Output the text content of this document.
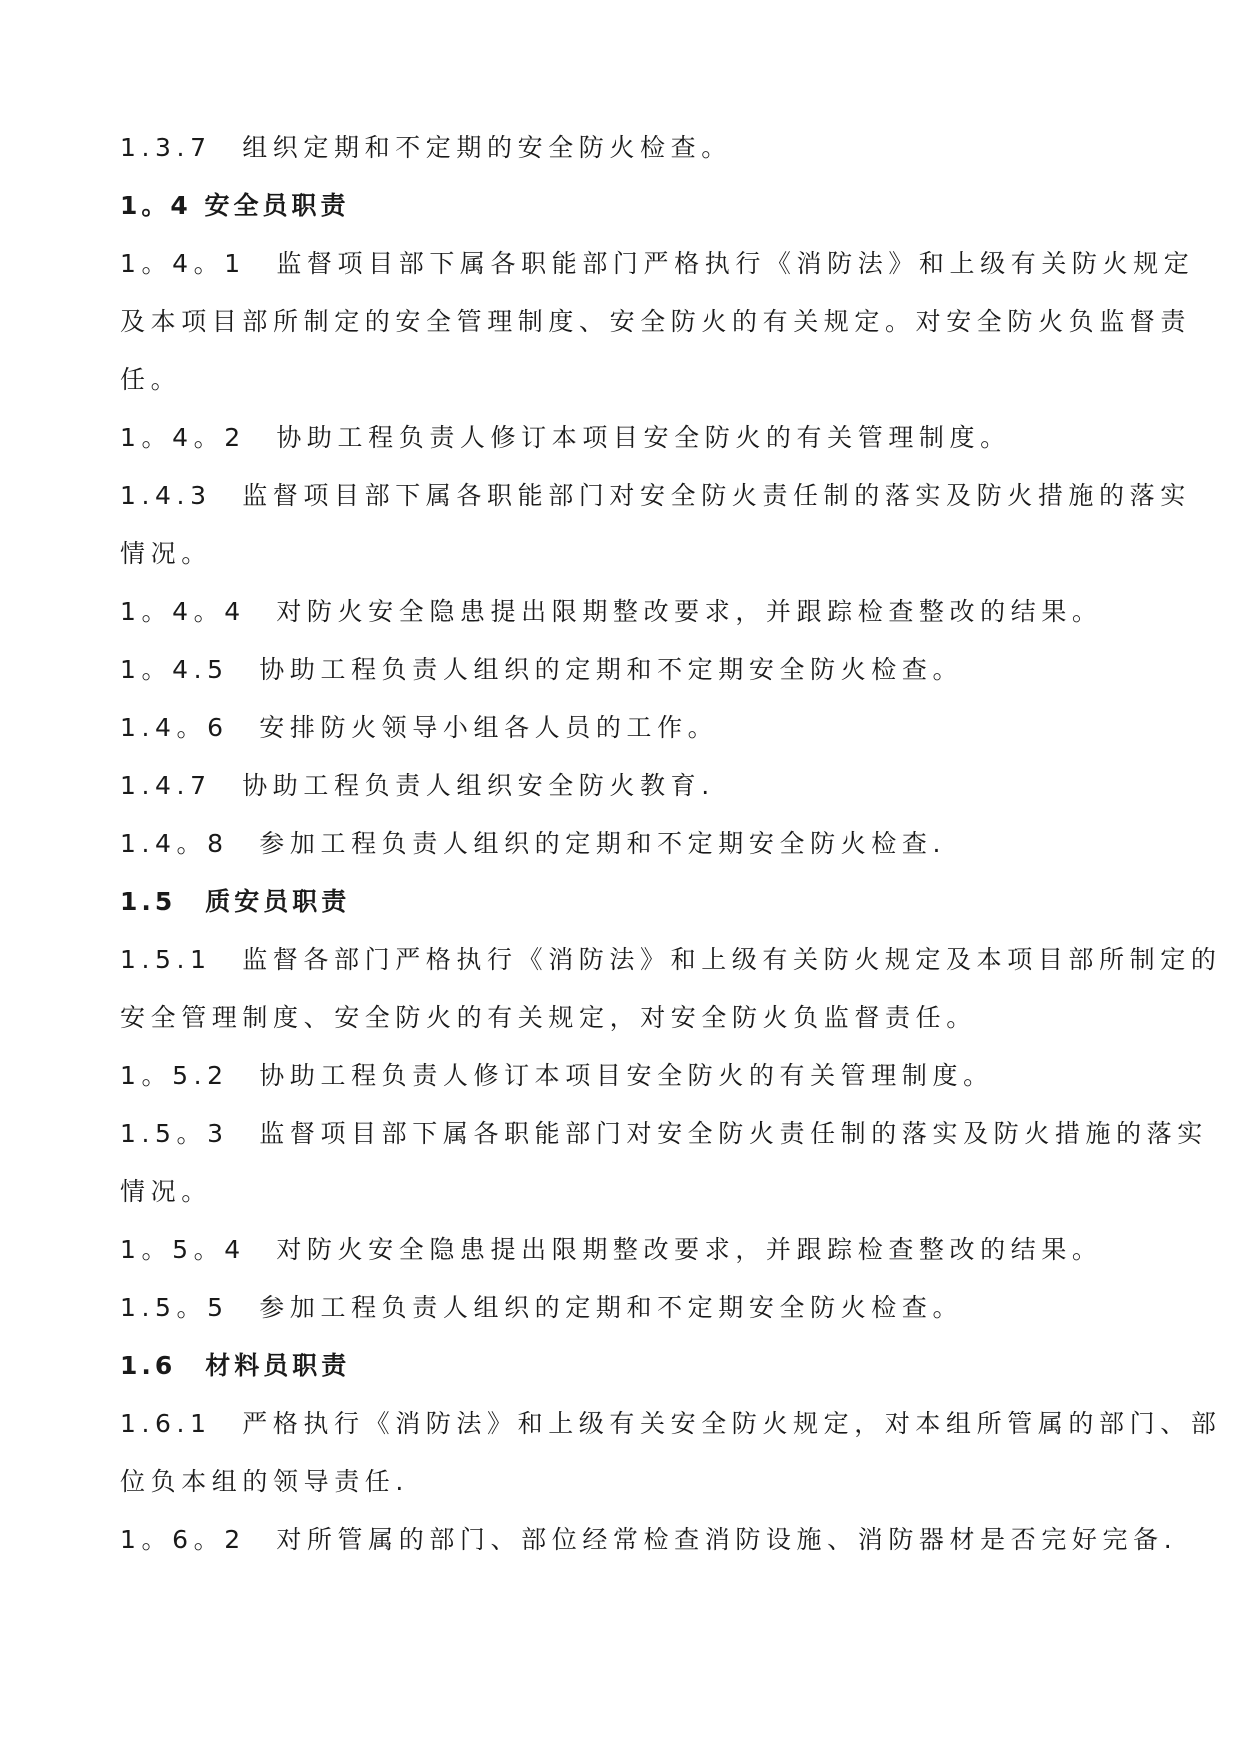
1.3.7　组织定期和不定期的安全防火检查。
1。4 安全员职责
1。4。1　监督项目部下属各职能部门严格执行《消防法》和上级有关防火规定
及本项目部所制定的安全管理制度、安全防火的有关规定。对安全防火负监督责
任。
1。4。2　协助工程负责人修订本项目安全防火的有关管理制度。
1.4.3　监督项目部下属各职能部门对安全防火责任制的落实及防火措施的落实
情况。
1。4。4　对防火安全隐患提出限期整改要求，并跟踪检查整改的结果。
1。4.5　协助工程负责人组织的定期和不定期安全防火检查。
1.4。6　安排防火领导小组各人员的工作。
1.4.7　协助工程负责人组织安全防火教育.
1.4。8　参加工程负责人组织的定期和不定期安全防火检查.
1.5　质安员职责
1.5.1　监督各部门严格执行《消防法》和上级有关防火规定及本项目部所制定的
安全管理制度、安全防火的有关规定，对安全防火负监督责任。
1。5.2　协助工程负责人修订本项目安全防火的有关管理制度。
1.5。3　监督项目部下属各职能部门对安全防火责任制的落实及防火措施的落实
情况。
1。5。4　对防火安全隐患提出限期整改要求，并跟踪检查整改的结果。
1.5。5　参加工程负责人组织的定期和不定期安全防火检查。
1.6　材料员职责
1.6.1　严格执行《消防法》和上级有关安全防火规定，对本组所管属的部门、部
位负本组的领导责任.
1。6。2　对所管属的部门、部位经常检查消防设施、消防器材是否完好完备.
